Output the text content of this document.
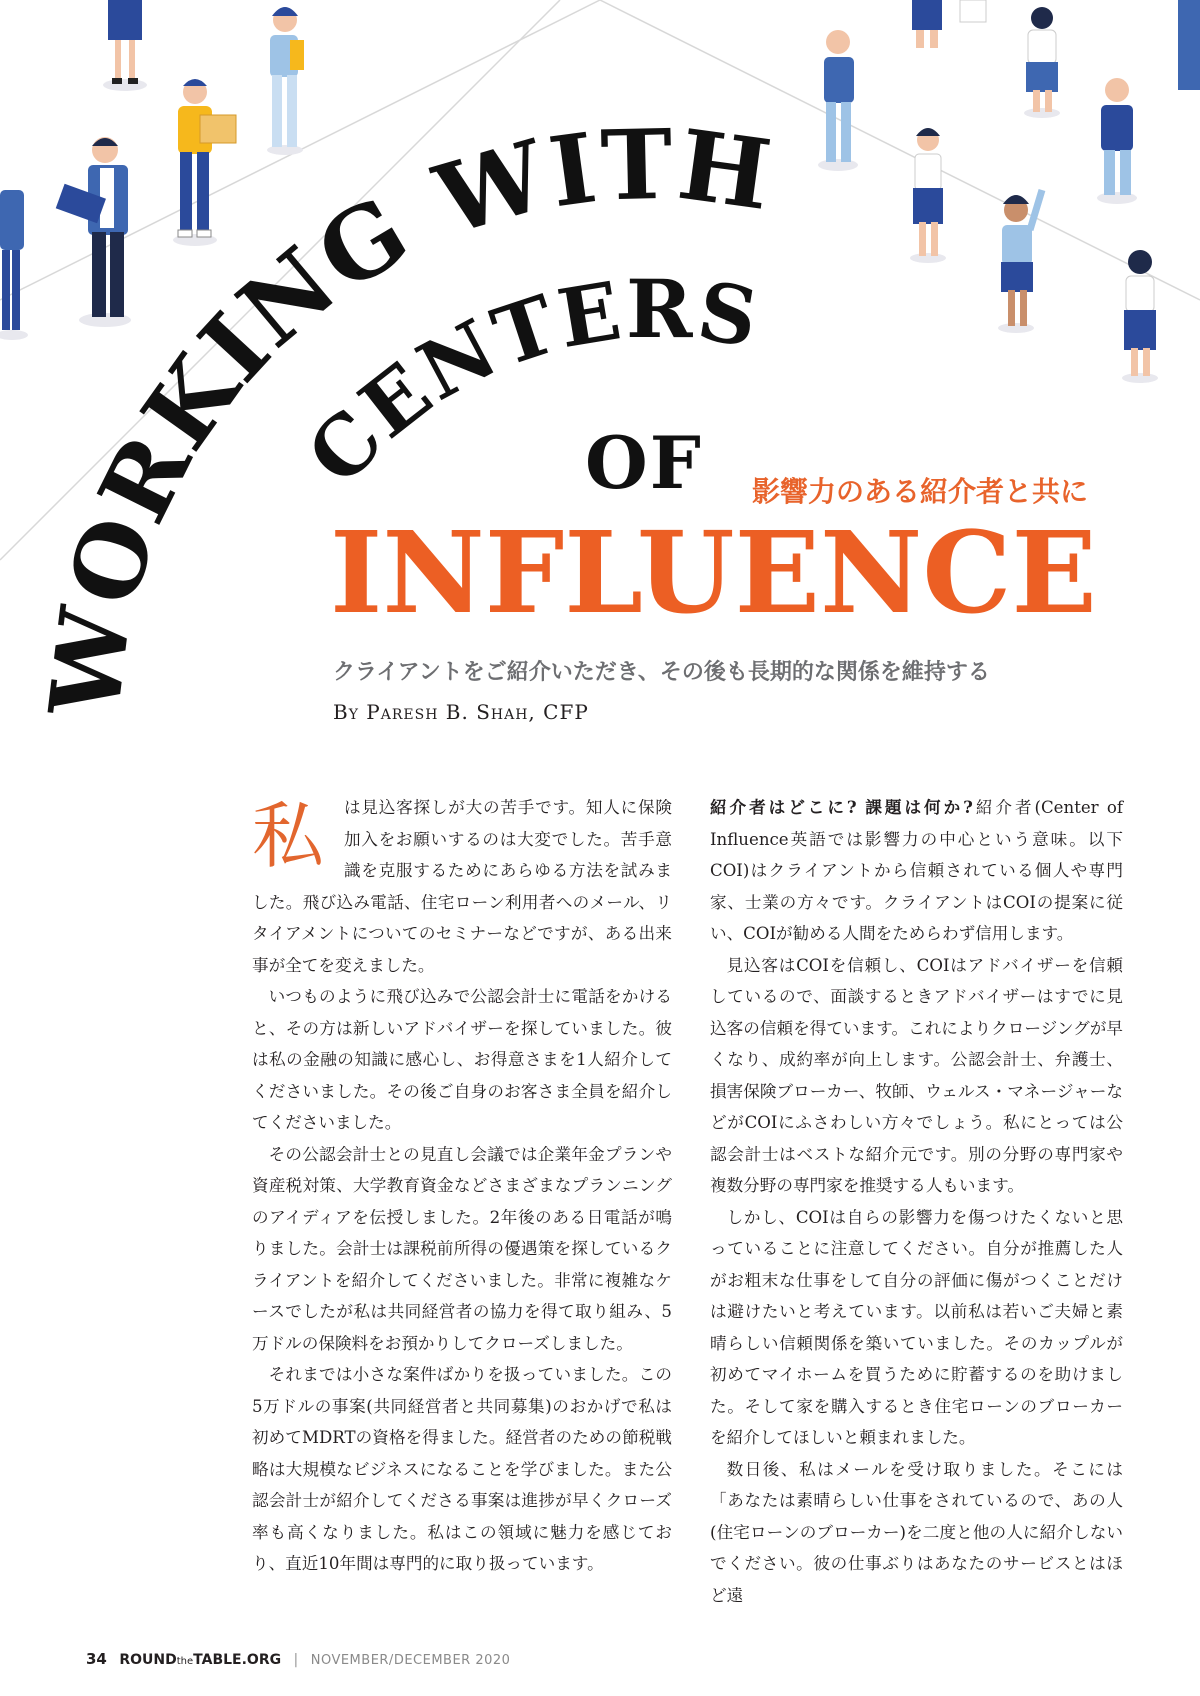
WORKING WITH
CENTERS
OF 影響力のある紹介者と共に
INFLUENCE
クライアントをご紹介いただき、その後も長期的な関係を維持する
By Paresh B. Shah, CFP

私	は見込客探しが大の苦手です。知人に保険加入をお願いするのは大変でした。苦手意識を克服するためにあらゆる方法を試みました。飛び込み電話、住宅ローン利用者へのメール、リタイアメントについてのセミナーなどですが、ある出来事が全てを変えました。

いつものように飛び込みで公認会計士に電話をかけると、その方は新しいアドバイザーを探していました。彼は私の金融の知識に感心し、お得意さまを1人紹介してくださいました。その後ご自身のお客さま全員を紹介してくださいました。

その公認会計士との見直し会議では企業年金プランや資産税対策、大学教育資金などさまざまなプランニングのアイディアを伝授しました。2年後のある日電話が鳴りました。会計士は課税前所得の優遇策を探しているクライアントを紹介してくださいました。非常に複雑なケースでしたが私は共同経営者の協力を得て取り組み、5万ドルの保険料をお預かりしてクローズしました。

それまでは小さな案件ばかりを扱っていました。この5万ドルの事案(共同経営者と共同募集)のおかげで私は初めてMDRTの資格を得ました。経営者のための節税戦略は大規模なビジネスになることを学びました。また公認会計士が紹介してくださる事案は進捗が早くクローズ率も高くなりました。私はこの領域に魅力を感じており、直近10年間は専門的に取り扱っています。

紹介者はどこに? 課題は何か?紹介者(Center of Influence英語では影響力の中心という意味。以下COI)はクライアントから信頼されている個人や専門家、士業の方々です。クライアントはCOIの提案に従い、COIが勧める人間をためらわず信用します。

見込客はCOIを信頼し、COIはアドバイザーを信頼しているので、面談するときアドバイザーはすでに見込客の信頼を得ています。これによりクロージングが早くなり、成約率が向上します。公認会計士、弁護士、損害保険ブローカー、牧師、ウェルス・マネージャーなどがCOIにふさわしい方々でしょう。私にとっては公認会計士はベストな紹介元です。別の分野の専門家や複数分野の専門家を推奨する人もいます。

しかし、COIは自らの影響力を傷つけたくないと思っていることに注意してください。自分が推薦した人がお粗末な仕事をして自分の評価に傷がつくことだけは避けたいと考えています。以前私は若いご夫婦と素晴らしい信頼関係を築いていました。そのカップルが初めてマイホームを買うために貯蓄するのを助けました。そして家を購入するとき住宅ローンのブローカーを紹介してほしいと頼まれました。

数日後、私はメールを受け取りました。そこには「あなたは素晴らしい仕事をされているので、あの人(住宅ローンのブローカー)を二度と他の人に紹介しないでください。彼の仕事ぶりはあなたのサービスとはほど遠

34 ROUNDtheTABLE.ORG | NOVEMBER/DECEMBER 2020
